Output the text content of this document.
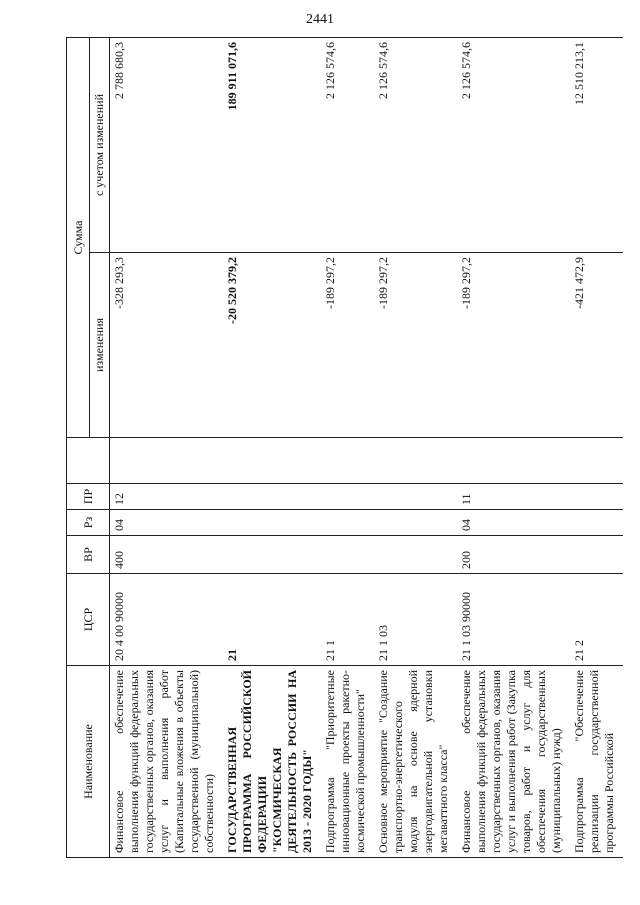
2441
Наименование	ЦСР	ВР	Рз	ПР		Сумма	
						изменения	с учетом изменений
Финансовое обеспечение выполнения функций федеральных государственных органов, оказания услуг и выполнения работ (Капитальные вложения в объекты государственной (муниципальной) собственности)	20 4 00 90000	400	04	12		-328 293,3	2 788 680,3
ГОСУДАРСТВЕННАЯ ПРОГРАММА РОССИЙСКОЙ ФЕДЕРАЦИИ "КОСМИЧЕСКАЯ ДЕЯТЕЛЬНОСТЬ РОССИИ НА 2013 - 2020 ГОДЫ"	21					-20 520 379,2	189 911 071,6
Подпрограмма "Приоритетные инновационные проекты ракетно-космической промышленности"	21 1					-189 297,2	2 126 574,6
Основное мероприятие "Создание транспортно-энергетического модуля на основе ядерной энергодвигательной установки мегаваттного класса"	21 1 03					-189 297,2	2 126 574,6
Финансовое обеспечение выполнения функций федеральных государственных органов, оказания услуг и выполнения работ (Закупка товаров, работ и услуг для обеспечения государственных (муниципальных) нужд)	21 1 03 90000	200	04	11		-189 297,2	2 126 574,6
Подпрограмма "Обеспечение реализации государственной программы Российской	21 2					-421 472,9	12 510 213,1
